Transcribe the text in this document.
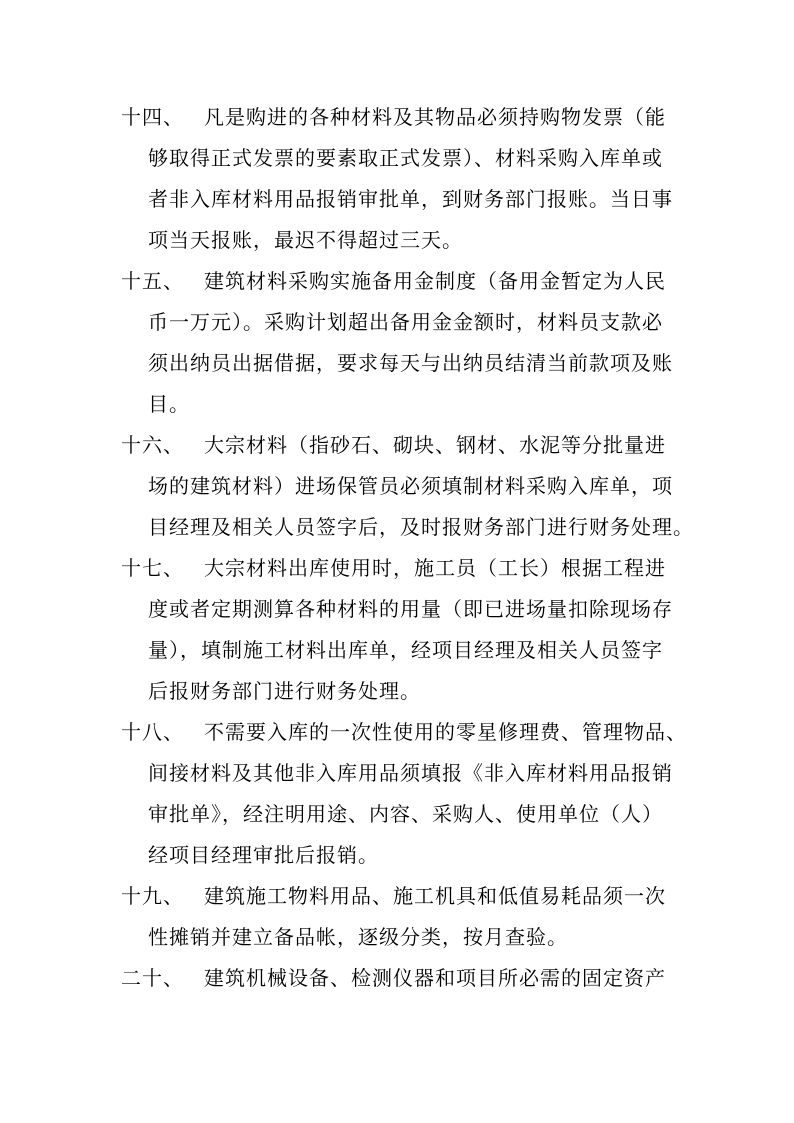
十四、 凡是购进的各种材料及其物品必须持购物发票（能
够取得正式发票的要素取正式发票）、材料采购入库单或
者非入库材料用品报销审批单，到财务部门报账。当日事
项当天报账，最迟不得超过三天。
十五、 建筑材料采购实施备用金制度（备用金暂定为人民
币一万元）。采购计划超出备用金金额时，材料员支款必
须出纳员出据借据，要求每天与出纳员结清当前款项及账
目。
十六、 大宗材料（指砂石、砌块、钢材、水泥等分批量进
场的建筑材料）进场保管员必须填制材料采购入库单，项
目经理及相关人员签字后，及时报财务部门进行财务处理。
十七、 大宗材料出库使用时，施工员（工长）根据工程进
度或者定期测算各种材料的用量（即已进场量扣除现场存
量），填制施工材料出库单，经项目经理及相关人员签字
后报财务部门进行财务处理。
十八、 不需要入库的一次性使用的零星修理费、管理物品、
间接材料及其他非入库用品须填报《非入库材料用品报销
审批单》，经注明用途、内容、采购人、使用单位（人）
经项目经理审批后报销。
十九、 建筑施工物料用品、施工机具和低值易耗品须一次
性摊销并建立备品帐，逐级分类，按月查验。
二十、 建筑机械设备、检测仪器和项目所必需的固定资产
